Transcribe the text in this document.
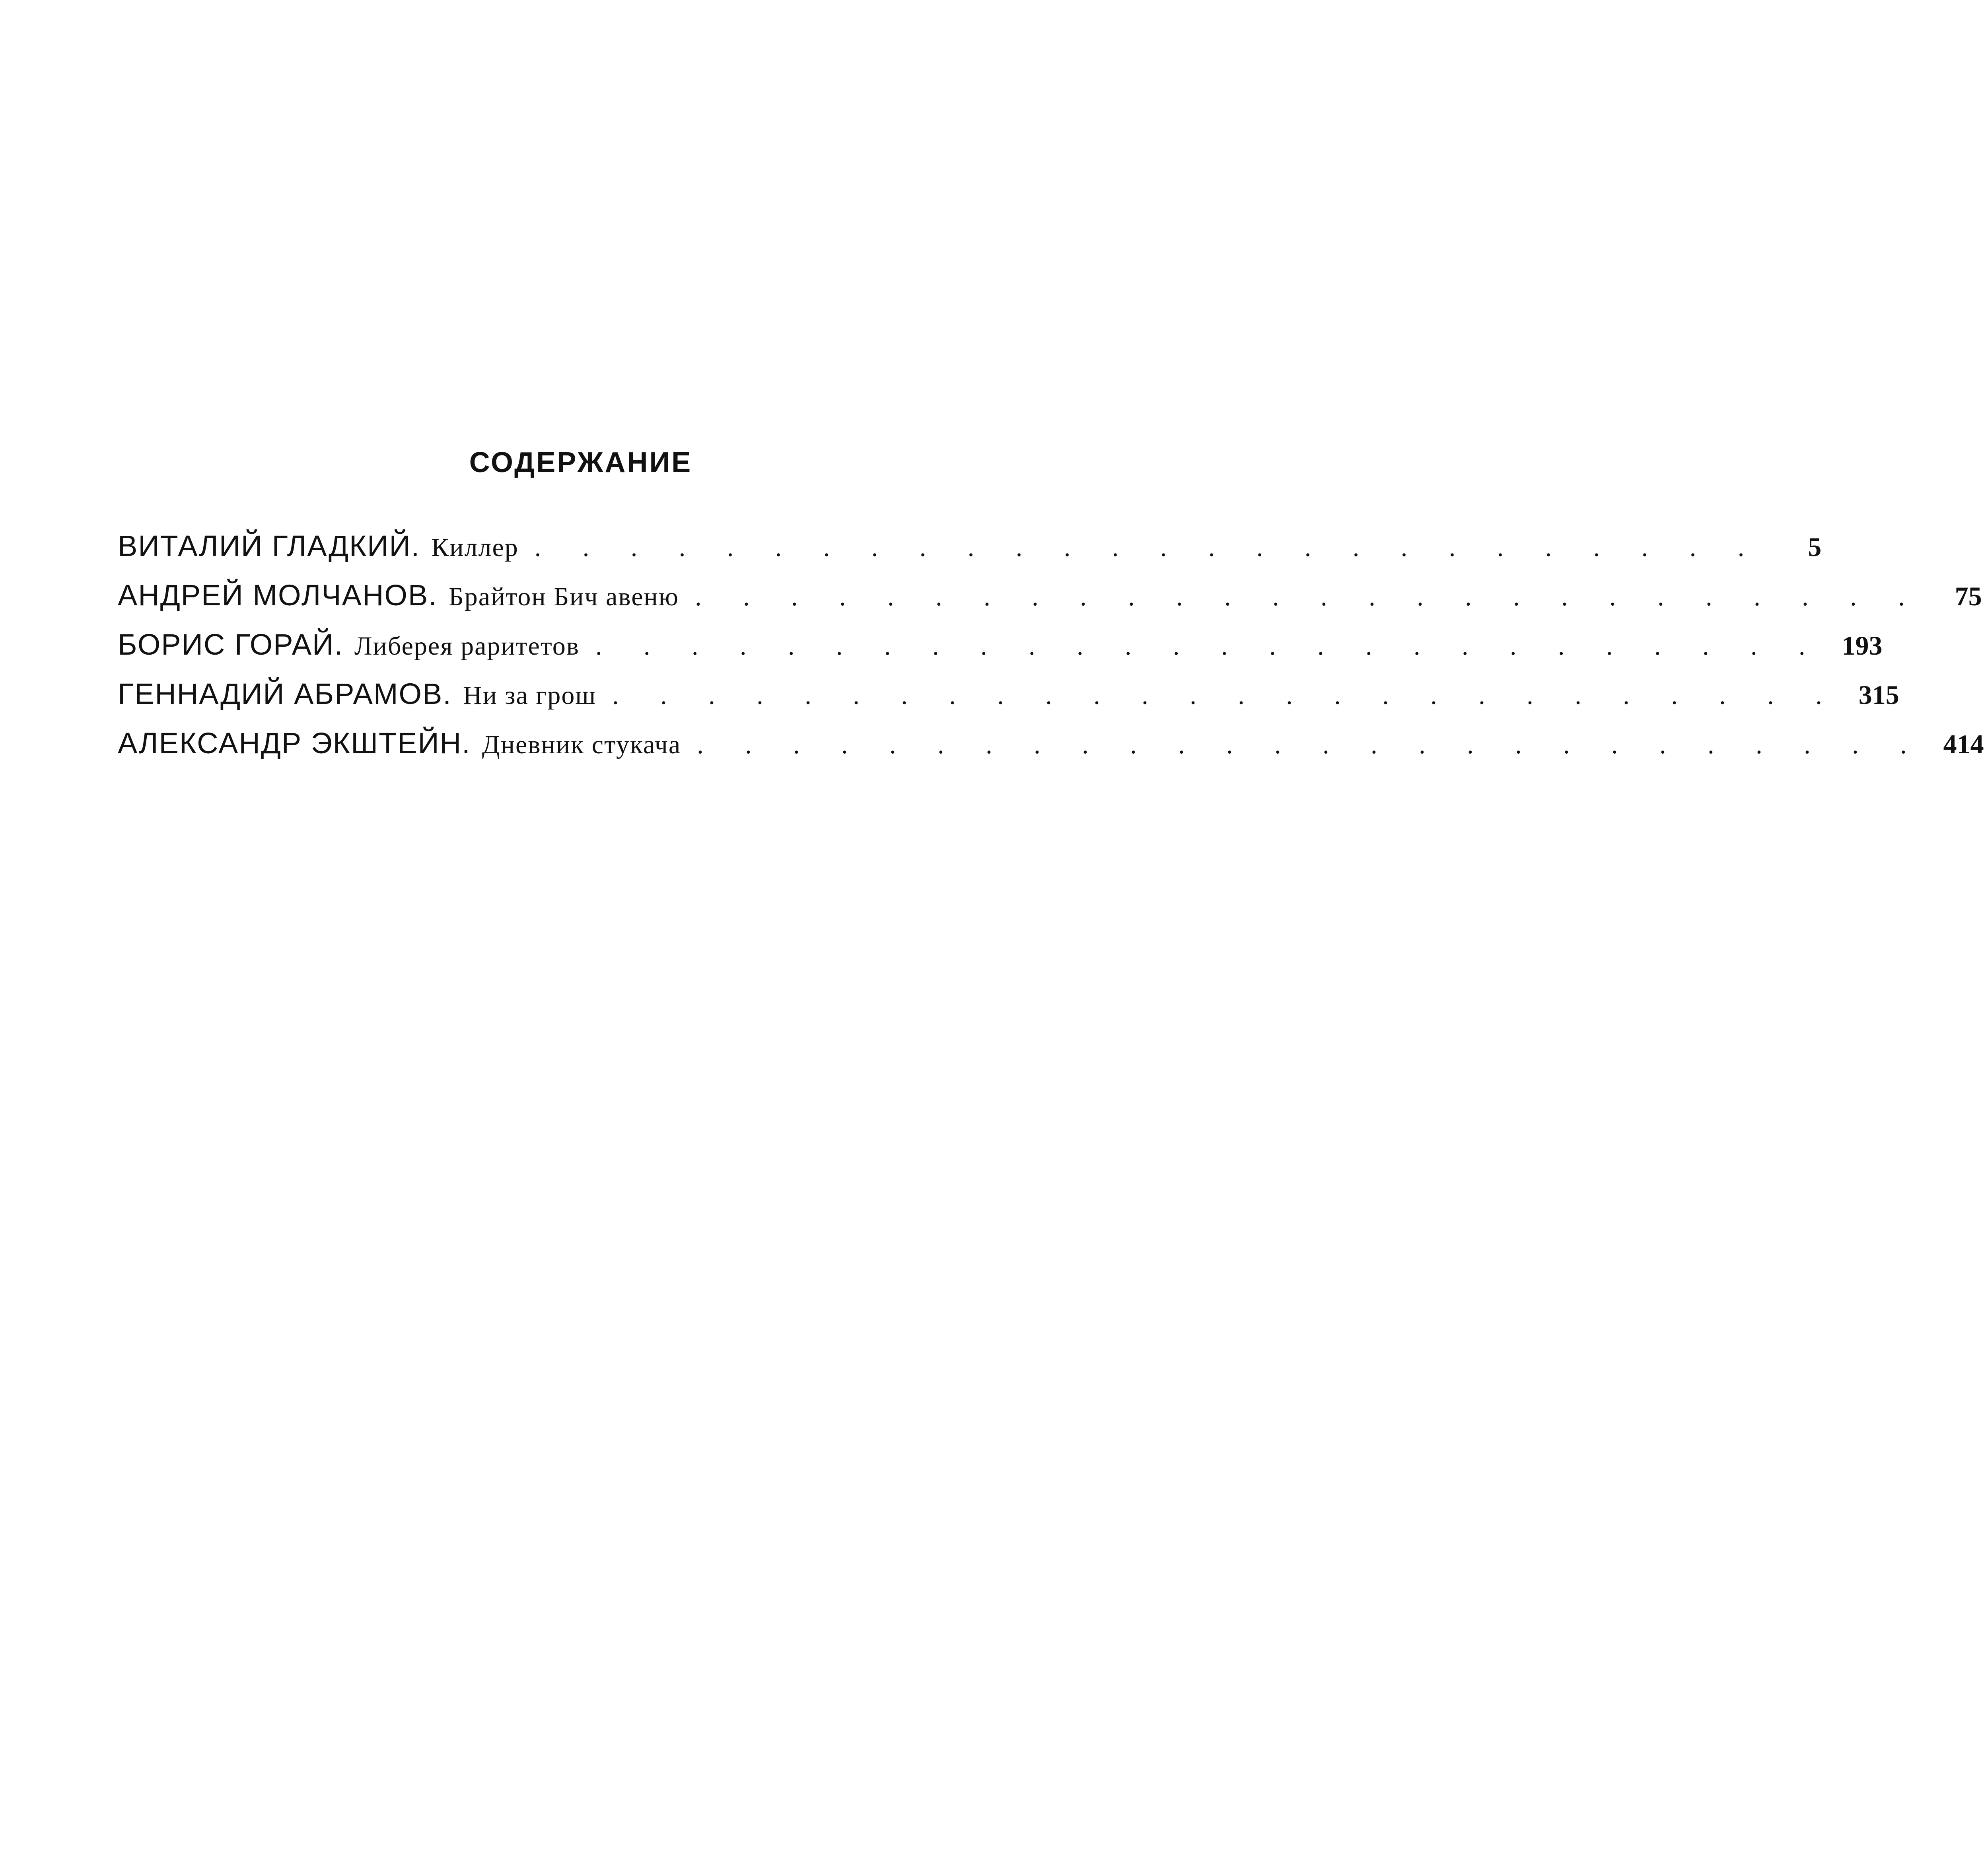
СОДЕРЖАНИЕ
ВИТАЛИЙ ГЛАДКИЙ. Киллер . . . . . . . . . . . . . . . . . . . . . . . . . .	5
АНДРЕЙ МОЛЧАНОВ. Брайтон Бич авеню . . . . . . . . . . . . . . . . . . . . . . . . . .	75
БОРИС ГОРАЙ. Либерея раритетов . . . . . . . . . . . . . . . . . . . . . . . . . . 193
ГЕННАДИЙ АБРАМОВ. Ни за грош . . . . . . . . . . . . . . . . . . . . . . . . . . 315
АЛЕКСАНДР ЭКШТЕЙН. Дневник стукача . . . . . . . . . . . . . . . . . . . . . . . . . . 414
